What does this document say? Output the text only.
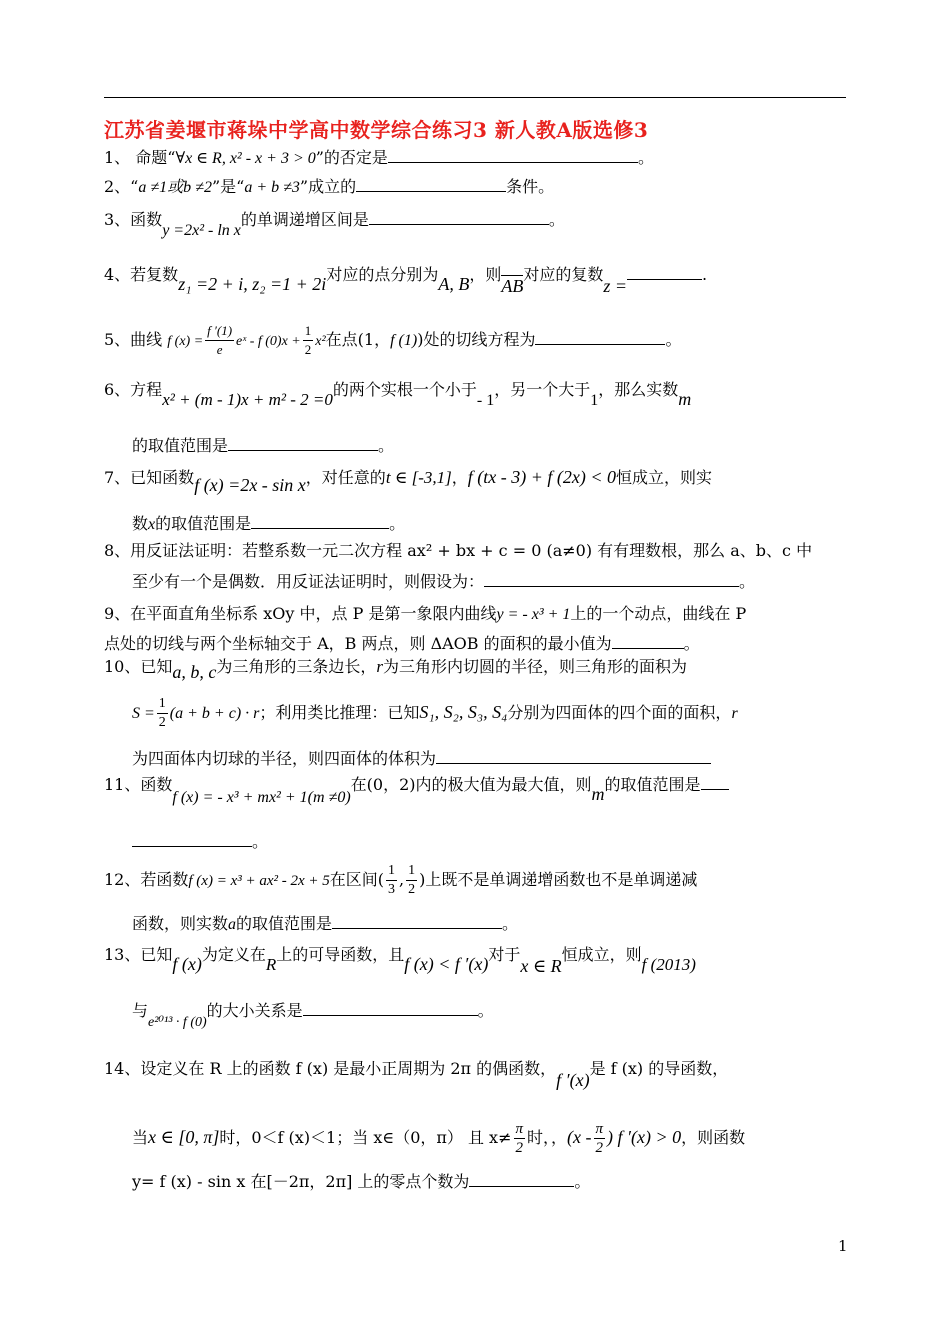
江苏省姜堰市蒋垛中学高中数学综合练习3 新人教A版选修3
1、 命题“∀x ∈ R, x² - x + 3 > 0”的否定是	。
2、“a ≠1或b ≠2”是“a + b ≠3”成立的	条件。
3、函数y =2x² - ln x的单调递增区间是	。
4、若复数z₁ =2 + i, z₂ =1 + 2i对应的点分别为A, B，则AB对应的复数z =.
5、曲线 f $(x) = \frac{f '(1)}{e}$ eˣ - f $(0)x + \frac{1}{2} x^2$在点(1，f (1))处的切线方程为	。
6、方程x² + (m - 1)x + m² - 2 =0的两个实根一个小于- 1，另一个大于1，那么实数m
的取值范围是	。
7、已知函数f (x) =2x - sin x，对任意的t ∈ [-3,1]，f (tx - 3) + f (2x) < 0恒成立，则实
数x的取值范围是	。
8、用反证法证明：若整系数一元二次方程 ax² + bx + c = 0 (a≠0) 有有理数根，那么 a、b、c 中
至少有一个是偶数．用反证法证明时，则假设为：	。
9、在平面直角坐标系 xOy 中，点 P 是第一象限内曲线y = - x³ + 1上的一个动点，曲线在 P
点处的切线与两个坐标轴交于 A，B 两点，则 ΔAOB 的面积的最小值为	。
10、已知a, b, c为三角形的三条边长，r为三角形内切圆的半径，则三角形的面积为
$S = \frac{1}{2} (a + b + c) \cdot r$；利用类比推理：已知S₁, S₂, S₃, S₄分别为四面体的四个面的面积，r
为四面体内切球的半径，则四面体的体积为
11、函数f (x) = - x³ + mx² + 1(m ≠0)在(0，2)内的极大值为最大值，则m的取值范围是
。
12、若函数f (x) = x³ + ax² - 2x + 5在区间( $\frac{1}{3}$ , $\frac{1}{2}$ )上既不是单调递增函数也不是单调递减
函数，则实数a的取值范围是	。
13、已知f (x)为定义在R上的可导函数，且f (x) < f ′(x)对于x ∈ R恒成立，则f (2013)
与e²⁰¹³ · f (0)的大小关系是	。
14、设定义在 R 上的函数 f (x) 是最小正周期为 2π 的偶函数，f ′(x)是 f (x) 的导函数，
当x ∈ [0, π]时，0＜f (x)＜1；当 x∈（0，π） 且 $x\ne \frac{\pi}{2}$ 时，，($x - \frac{\pi}{2}$ ) f ′(x) > 0，则函数
y= f (x) - sin x 在[－2π，2π] 上的零点个数为	。
1
